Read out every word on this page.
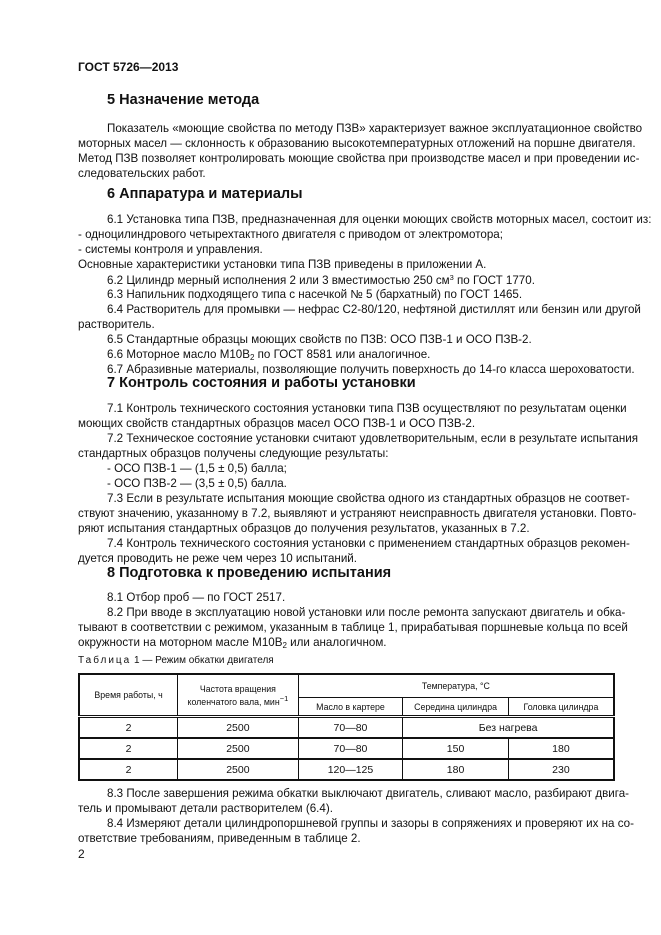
ГОСТ 5726—2013
5 Назначение метода
Показатель «моющие свойства по методу ПЗВ» характеризует важное эксплуатационное свойство
моторных масел — склонность к образованию высокотемпературных отложений на поршне двигателя.
Метод ПЗВ позволяет контролировать моющие свойства при производстве масел и при проведении ис-
следовательских работ.
6 Аппаратура и материалы
6.1 Установка типа ПЗВ, предназначенная для оценки моющих свойств моторных масел, состоит из:
- одноцилиндрового четырехтактного двигателя с приводом от электромотора;
- системы контроля и управления.
Основные характеристики установки типа ПЗВ приведены в приложении А.
6.2 Цилиндр мерный исполнения 2 или 3 вместимостью 250 $см^3$ по ГОСТ 1770.
6.3 Напильник подходящего типа с насечкой № 5 (бархатный) по ГОСТ 1465.
6.4 Растворитель для промывки — нефрас С2-80/120, нефтяной дистиллят или бензин или другой
растворитель.
6.5 Стандартные образцы моющих свойств по ПЗВ: ОСО ПЗВ-1 и ОСО ПЗВ-2.
6.6 Моторное масло $М10В_2$ по ГОСТ 8581 или аналогичное.
6.7 Абразивные материалы, позволяющие получить поверхность до 14-го класса шероховатости.
7 Контроль состояния и работы установки
7.1 Контроль технического состояния установки типа ПЗВ осуществляют по результатам оценки
моющих свойств стандартных образцов масел ОСО ПЗВ-1 и ОСО ПЗВ-2.
7.2 Техническое состояние установки считают удовлетворительным, если в результате испытания
стандартных образцов получены следующие результаты:
- ОСО ПЗВ-1 — (1,5 ± 0,5) балла;
- ОСО ПЗВ-2 — (3,5 ± 0,5) балла.
7.3 Если в результате испытания моющие свойства одного из стандартных образцов не соответ-
ствуют значению, указанному в 7.2, выявляют и устраняют неисправность двигателя установки. Повто-
ряют испытания стандартных образцов до получения результатов, указанных в 7.2.
7.4 Контроль технического состояния установки с применением стандартных образцов рекомен-
дуется проводить не реже чем через 10 испытаний.
8 Подготовка к проведению испытания
8.1 Отбор проб — по ГОСТ 2517.
8.2 При вводе в эксплуатацию новой установки или после ремонта запускают двигатель и обка-
тывают в соответствии с режимом, указанным в таблице 1, прирабатывая поршневые кольца по всей
окружности на моторном масле $М10В_2$ или аналогичном.
Таблица 1 — Режим обкатки двигателя
Время работы, ч	Частота вращения коленчатого вала, мин$^{-1}$	Температура, °С		
		Масло в картере	Середина цилиндра	Головка цилиндра
2	2500	70—80	Без нагрева	
2	2500	70—80	150	180
2	2500	120—125	180	230
8.3 После завершения режима обкатки выключают двигатель, сливают масло, разбирают двига-
тель и промывают детали растворителем (6.4).
8.4 Измеряют детали цилиндропоршневой группы и зазоры в сопряжениях и проверяют их на со-
ответствие требованиям, приведенным в таблице 2.
2
